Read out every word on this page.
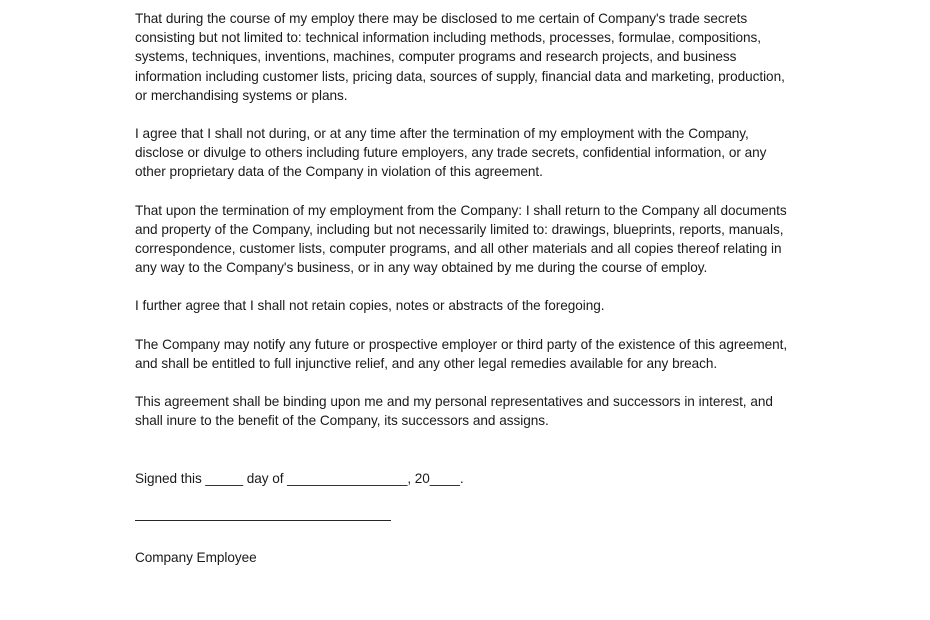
That during the course of my employ there may be disclosed to me certain of Company's trade secrets consisting but not limited to: technical information including methods, processes, formulae, compositions, systems, techniques, inventions, machines, computer programs and research projects, and business information including customer lists, pricing data, sources of supply, financial data and marketing, production, or merchandising systems or plans.

I agree that I shall not during, or at any time after the termination of my employment with the Company, disclose or divulge to others including future employers, any trade secrets, confidential information, or any other proprietary data of the Company in violation of this agreement.

That upon the termination of my employment from the Company: I shall return to the Company all documents and property of the Company, including but not necessarily limited to: drawings, blueprints, reports, manuals, correspondence, customer lists, computer programs, and all other materials and all copies thereof relating in any way to the Company's business, or in any way obtained by me during the course of employ.

I further agree that I shall not retain copies, notes or abstracts of the foregoing.

The Company may notify any future or prospective employer or third party of the existence of this agreement, and shall be entitled to full injunctive relief, and any other legal remedies available for any breach.

This agreement shall be binding upon me and my personal representatives and successors in interest, and shall inure to the benefit of the Company, its successors and assigns.

Signed this _____ day of ________________, 20____.
Company Employee
